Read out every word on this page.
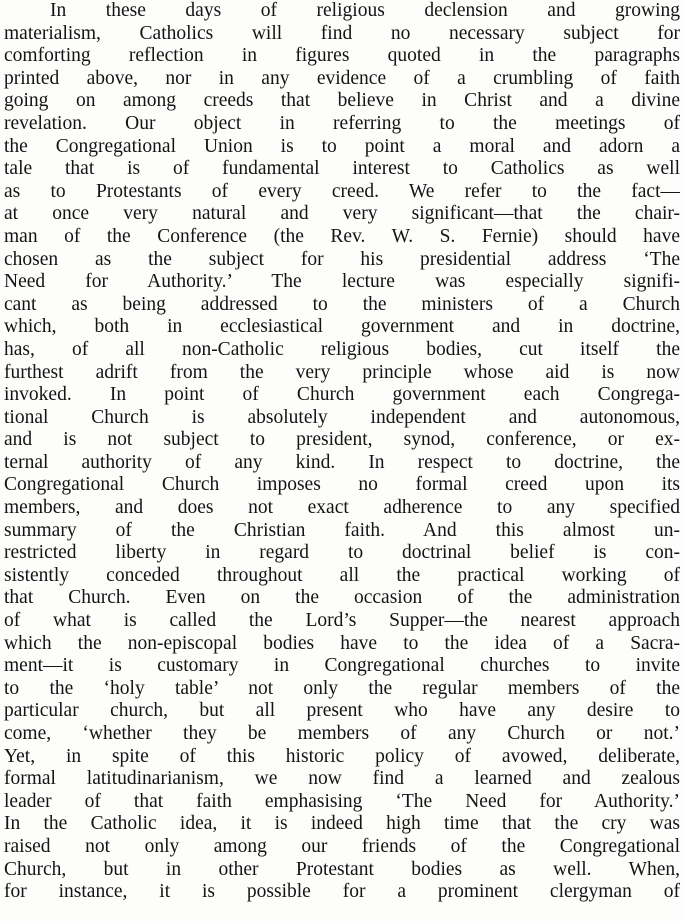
In these days of religious declension and growing
materialism, Catholics will find no necessary subject for
comforting reflection in figures quoted in the paragraphs
printed above, nor in any evidence of a crumbling of faith
going on among creeds that believe in Christ and a divine
revelation. Our object in referring to the meetings of
the Congregational Union is to point a moral and adorn a
tale that is of fundamental interest to Catholics as well
as to Protestants of every creed. We refer to the fact—
at once very natural and very significant—that the chair-
man of the Conference (the Rev. W. S. Fernie) should have
chosen as the subject for his presidential address ‘The
Need for Authority.’ The lecture was especially signifi-
cant as being addressed to the ministers of a Church
which, both in ecclesiastical government and in doctrine,
has, of all non-Catholic religious bodies, cut itself the
furthest adrift from the very principle whose aid is now
invoked. In point of Church government each Congrega-
tional Church is absolutely independent and autonomous,
and is not subject to president, synod, conference, or ex-
ternal authority of any kind. In respect to doctrine, the
Congregational Church imposes no formal creed upon its
members, and does not exact adherence to any specified
summary of the Christian faith. And this almost un-
restricted liberty in regard to doctrinal belief is con-
sistently conceded throughout all the practical working of
that Church. Even on the occasion of the administration
of what is called the Lord’s Supper—the nearest approach
which the non-episcopal bodies have to the idea of a Sacra-
ment—it is customary in Congregational churches to invite
to the ‘holy table’ not only the regular members of the
particular church, but all present who have any desire to
come, ‘whether they be members of any Church or not.’
Yet, in spite of this historic policy of avowed, deliberate,
formal latitudinarianism, we now find a learned and zealous
leader of that faith emphasising ‘The Need for Authority.’
In the Catholic idea, it is indeed high time that the cry was
raised not only among our friends of the Congregational
Church, but in other Protestant bodies as well. When,
for instance, it is possible for a prominent clergyman of
